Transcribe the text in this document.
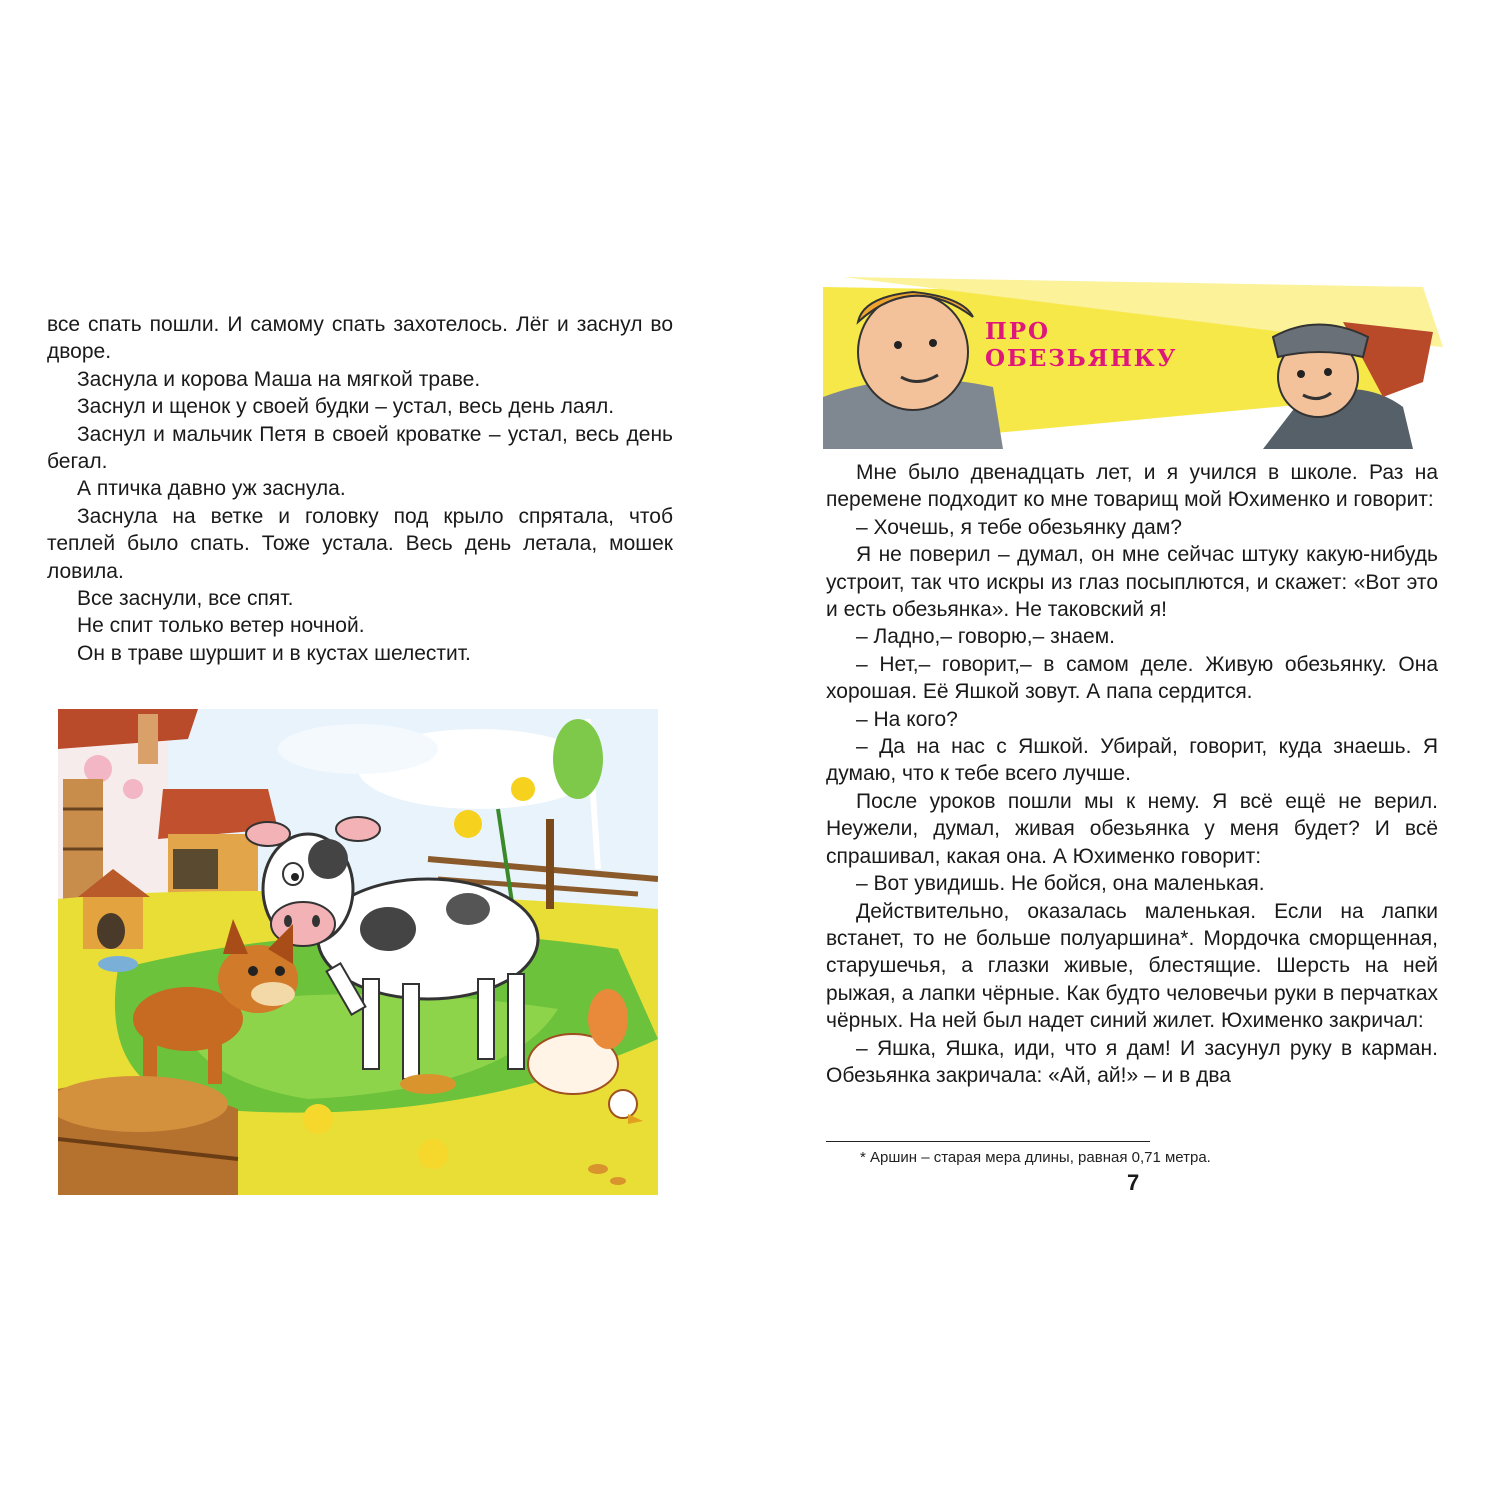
все спать пошли. И самому спать захотелось. Лёг и заснул во дворе.

Заснула и корова Маша на мягкой траве.

Заснул и щенок у своей будки – устал, весь день лаял.

Заснул и мальчик Петя в своей кроватке – устал, весь день бегал.

А птичка давно уж заснула.

Заснула на ветке и головку под крыло спрятала, чтоб теплей было спать. Тоже устала. Весь день летала, мошек ловила.

Все заснули, все спят.

Не спит только ветер ночной.

Он в траве шуршит и в кустах шелестит.

ПРО ОБЕЗЬЯНКУ

Мне было двенадцать лет, и я учился в школе. Раз на перемене подходит ко мне товарищ мой Юхименко и говорит:

– Хочешь, я тебе обезьянку дам?

Я не поверил – думал, он мне сейчас штуку какую-нибудь устроит, так что искры из глаз посыплются, и скажет: «Вот это и есть обезьянка». Не таковский я!

– Ладно,– говорю,– знаем.

– Нет,– говорит,– в самом деле. Живую обезьянку. Она хорошая. Её Яшкой зовут. А папа сердится.

– На кого?

– Да на нас с Яшкой. Убирай, говорит, куда знаешь. Я думаю, что к тебе всего лучше.

После уроков пошли мы к нему. Я всё ещё не верил. Неужели, думал, живая обезьянка у меня будет? И всё спрашивал, какая она. А Юхименко говорит:

– Вот увидишь. Не бойся, она маленькая.

Действительно, оказалась маленькая. Если на лапки встанет, то не больше полуаршина*. Мордочка сморщенная, старушечья, а глазки живые, блестящие. Шерсть на ней рыжая, а лапки чёрные. Как будто человечьи руки в перчатках чёрных. На ней был надет синий жилет. Юхименко закричал:

– Яшка, Яшка, иди, что я дам! И засунул руку в карман. Обезьянка закричала: «Ай, ай!» – и в два

* Аршин – старая мера длины, равная 0,71 метра.
7
